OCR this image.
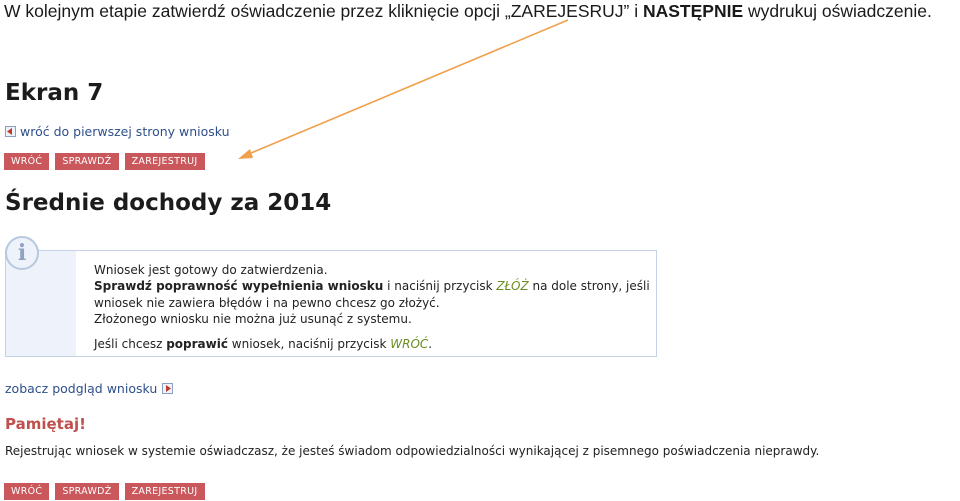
W kolejnym etapie zatwierdź oświadczenie przez kliknięcie opcji „ZAREJESRUJ” i NASTĘPNIE wydrukuj oświadczenie.
Ekran 7
wróć do pierwszej strony wniosku
WRÓĆ	SPRAWDŹ	ZAREJESTRUJ
Średnie dochody za 2014
i
Wniosek jest gotowy do zatwierdzenia.
Sprawdź poprawność wypełnienia wniosku i naciśnij przycisk ZŁÓŻ na dole strony, jeśli wniosek nie zawiera błędów i na pewno chcesz go złożyć.
Złożonego wniosku nie można już usunąć z systemu.
Jeśli chcesz poprawić wniosek, naciśnij przycisk WRÓĆ.
zobacz podgląd wniosku
Pamiętaj!
Rejestrując wniosek w systemie oświadczasz, że jesteś świadom odpowiedzialności wynikającej z pisemnego poświadczenia nieprawdy.
WRÓĆ	SPRAWDŹ	ZAREJESTRUJ
